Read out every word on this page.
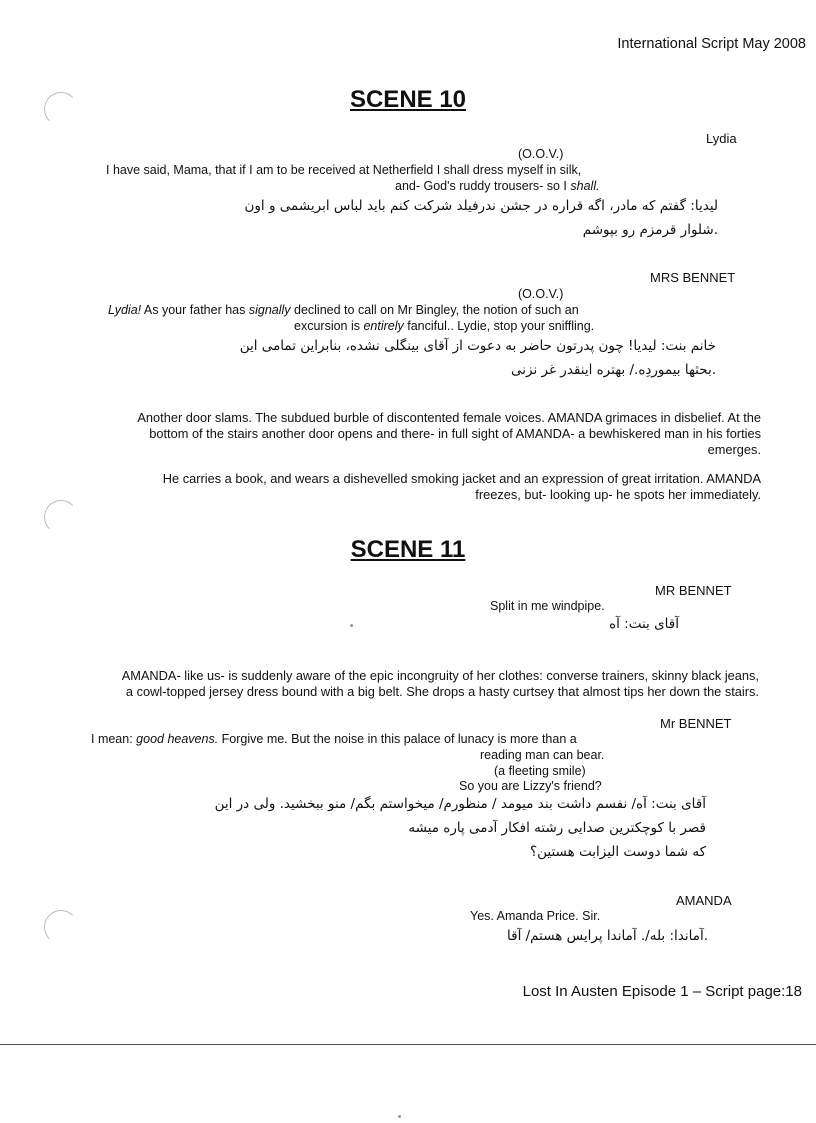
International Script May 2008
SCENE 10
Lydia
(O.O.V.)
I have said, Mama, that if I am to be received at Netherfield I shall dress myself in silk,
and- God's ruddy trousers- so I shall.
لیدیا: گفتم که مادر، اگه قراره در جشن ندرفیلد شرکت کنم باید لباس ابریشمی و اون
.شلوار قرمزم رو بپوشم
MRS BENNET
(O.O.V.)
Lydia! As your father has signally declined to call on Mr Bingley, the notion of such an
excursion is entirely fanciful.. Lydie, stop your sniffling.
خانم بنت: لیدیا! چون پدرتون حاضر به دعوت از آقای بینگلی نشده، بنابراین تمامی این
.بحثها بیموردِه./ بهتره اینقدر غر نزنی
Another door slams. The subdued burble of discontented female voices. AMANDA grimaces in disbelief. At the
bottom of the stairs another door opens and there- in full sight of AMANDA- a bewhiskered man in his forties
emerges.
He carries a book, and wears a dishevelled smoking jacket and an expression of great irritation. AMANDA
freezes, but- looking up- he spots her immediately.
SCENE 11
MR BENNET
Split in me windpipe.
آقای بنت: آه
AMANDA- like us- is suddenly aware of the epic incongruity of her clothes: converse trainers, skinny black jeans,
a cowl-topped jersey dress bound with a big belt. She drops a hasty curtsey that almost tips her down the stairs.
Mr BENNET
I mean: good heavens. Forgive me. But the noise in this palace of lunacy is more than a
reading man can bear.
(a fleeting smile)
So you are Lizzy's friend?
آقای بنت: آه/ نفسم داشت بند میومد / منظورم/ میخواستم بگم/ منو ببخشید. ولی در این
قصر با کوچکترین صدایی رشته افکار آدمی پاره میشه
که شما دوست الیزابت هستین؟
AMANDA
Yes. Amanda Price. Sir.
.آماندا: بله/. آماندا پرایس هستم/ آقا
Lost In Austen Episode 1 – Script page:18
